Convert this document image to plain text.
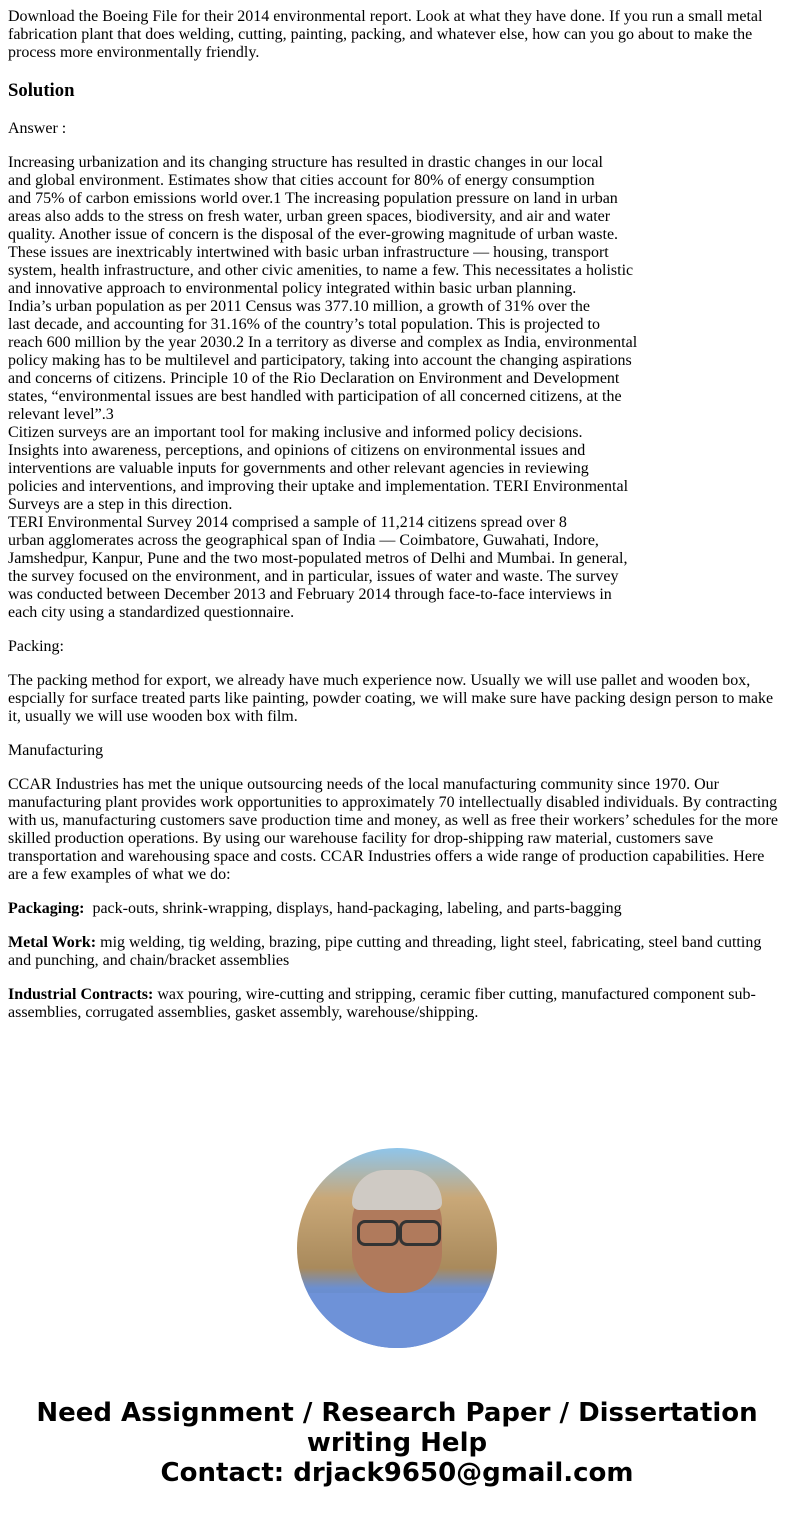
Download the Boeing File for their 2014 environmental report. Look at what they have done. If you run a small metal fabrication plant that does welding, cutting, painting, packing, and whatever else, how can you go about to make the process more environmentally friendly.

Solution

Answer :

Increasing urbanization and its changing structure has resulted in drastic changes in our local
and global environment. Estimates show that cities account for 80% of energy consumption
and 75% of carbon emissions world over.1 The increasing population pressure on land in urban
areas also adds to the stress on fresh water, urban green spaces, biodiversity, and air and water
quality. Another issue of concern is the disposal of the ever-growing magnitude of urban waste.
These issues are inextricably intertwined with basic urban infrastructure — housing, transport
system, health infrastructure, and other civic amenities, to name a few. This necessitates a holistic
and innovative approach to environmental policy integrated within basic urban planning.
India’s urban population as per 2011 Census was 377.10 million, a growth of 31% over the
last decade, and accounting for 31.16% of the country’s total population. This is projected to
reach 600 million by the year 2030.2 In a territory as diverse and complex as India, environmental
policy making has to be multilevel and participatory, taking into account the changing aspirations
and concerns of citizens. Principle 10 of the Rio Declaration on Environment and Development
states, “environmental issues are best handled with participation of all concerned citizens, at the
relevant level”.3
Citizen surveys are an important tool for making inclusive and informed policy decisions.
Insights into awareness, perceptions, and opinions of citizens on environmental issues and
interventions are valuable inputs for governments and other relevant agencies in reviewing
policies and interventions, and improving their uptake and implementation. TERI Environmental
Surveys are a step in this direction.
TERI Environmental Survey 2014 comprised a sample of 11,214 citizens spread over 8
urban agglomerates across the geographical span of India — Coimbatore, Guwahati, Indore,
Jamshedpur, Kanpur, Pune and the two most-populated metros of Delhi and Mumbai. In general,
the survey focused on the environment, and in particular, issues of water and waste. The survey
was conducted between December 2013 and February 2014 through face-to-face interviews in
each city using a standardized questionnaire.

Packing:

The packing method for export, we already have much experience now. Usually we will use pallet and wooden box, espcially for surface treated parts like painting, powder coating, we will make sure have packing design person to make it, usually we will use wooden box with film.

Manufacturing

CCAR Industries has met the unique outsourcing needs of the local manufacturing community since 1970. Our manufacturing plant provides work opportunities to approximately 70 intellectually disabled individuals. By contracting with us, manufacturing customers save production time and money, as well as free their workers’ schedules for the more skilled production operations. By using our warehouse facility for drop-shipping raw material, customers save transportation and warehousing space and costs. CCAR Industries offers a wide range of production capabilities. Here are a few examples of what we do:

Packaging:  pack-outs, shrink-wrapping, displays, hand-packaging, labeling, and parts-bagging

Metal Work: mig welding, tig welding, brazing, pipe cutting and threading, light steel, fabricating, steel band cutting and punching, and chain/bracket assemblies

Industrial Contracts: wax pouring, wire-cutting and stripping, ceramic fiber cutting, manufactured component sub-assemblies, corrugated assemblies, gasket assembly, warehouse/shipping.

Need Assignment / Research Paper / Dissertation writing Help
Contact: drjack9650@gmail.com
